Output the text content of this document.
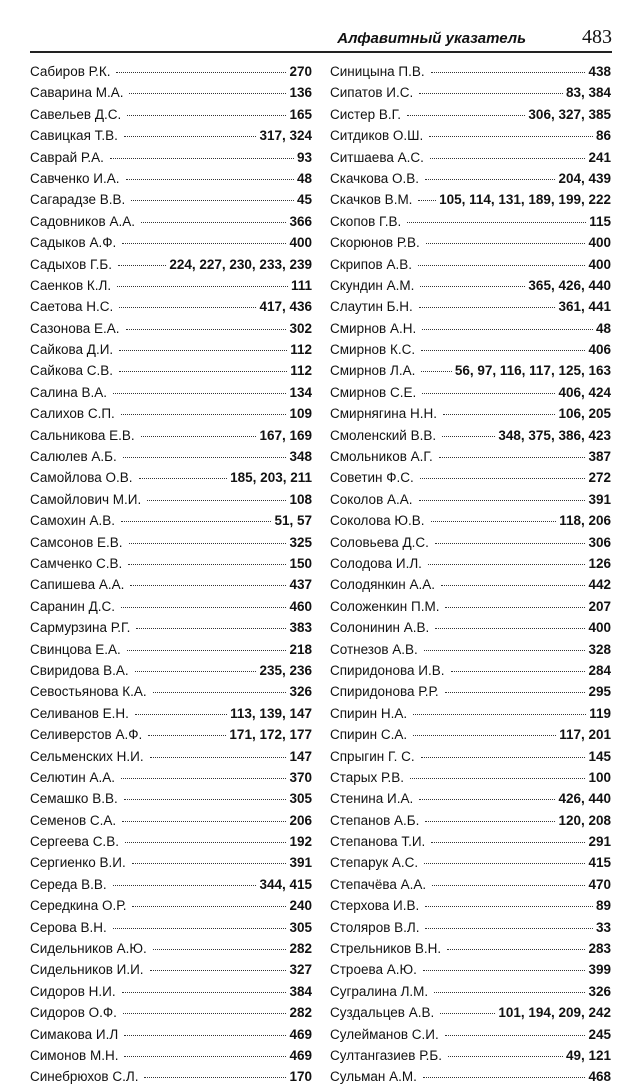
Алфавитный указатель	483
Сабиров Р.К.	270
Саварина М.А.	136
Савельев Д.С.	165
Савицкая Т.В.	317, 324
Саврай Р.А.	93
Савченко И.А.	48
Сагарадзе В.В.	45
Садовников А.А.	366
Садыков А.Ф.	400
Садыхов Г.Б.	224, 227, 230, 233, 239
Саенков К.Л.	111
Саетова Н.С.	417, 436
Сазонова Е.А.	302
Сайкова Д.И.	112
Сайкова С.В.	112
Салина В.А.	134
Салихов С.П.	109
Сальникова Е.В.	167, 169
Салюлев А.Б.	348
Самойлова О.В.	185, 203, 211
Самойлович М.И.	108
Самохин А.В.	51, 57
Самсонов Е.В.	325
Самченко С.В.	150
Сапишева А.А.	437
Саранин Д.С.	460
Сармурзина Р.Г.	383
Свинцова Е.А.	218
Свиридова В.А.	235, 236
Севостьянова К.А.	326
Селиванов Е.Н.	113, 139, 147
Селиверстов А.Ф.	171, 172, 177
Сельменских Н.И.	147
Селютин А.А.	370
Семашко В.В.	305
Семенов С.А.	206
Сергеева С.В.	192
Сергиенко В.И.	391
Середа В.В.	344, 415
Середкина О.Р.	240
Серова В.Н.	305
Сидельников А.Ю.	282
Сидельников И.И.	327
Сидоров Н.И.	384
Сидоров О.Ф.	282
Симакова И.Л	469
Симонов М.Н.	469
Синебрюхов С.Л.	170
Синицына П.В.	438
Сипатов И.С.	83, 384
Систер В.Г.	306, 327, 385
Ситдиков О.Ш.	86
Ситшаева А.С.	241
Скачкова О.В.	204, 439
Скачков В.М. 105, 114, 131, 189, 199, 222
Скопов Г.В.	115
Скорюнов Р.В.	400
Скрипов А.В.	400
Скундин А.М.	365, 426, 440
Слаутин Б.Н.	361, 441
Смирнов А.Н.	48
Смирнов К.С.	406
Смирнов Л.А.	56, 97, 116, 117, 125, 163
Смирнов С.Е.	406, 424
Смирнягина Н.Н.	106, 205
Смоленский В.В.	348, 375, 386, 423
Смольников А.Г.	387
Советин Ф.С.	272
Соколов А.А.	391
Соколова Ю.В.	118, 206
Соловьева Д.С.	306
Солодова И.Л.	126
Солодянкин А.А.	442
Соложенкин П.М.	207
Солонинин А.В.	400
Сотнезов А.В.	328
Спиридонова И.В.	284
Спиридонова Р.Р.	295
Спирин Н.А.	119
Спирин С.А.	117, 201
Спрыгин Г. С.	145
Старых Р.В.	100
Стенина И.А.	426, 440
Степанов А.Б.	120, 208
Степанова Т.И.	291
Степарук А.С.	415
Степачёва А.А.	470
Стерхова И.В.	89
Столяров В.Л.	33
Стрельников В.Н.	283
Строева А.Ю.	399
Сугралина Л.М.	326
Суздальцев А.В.	101, 194, 209, 242
Сулейманов С.И.	245
Султангазиев Р.Б.	49, 121
Сульман А.М.	468
